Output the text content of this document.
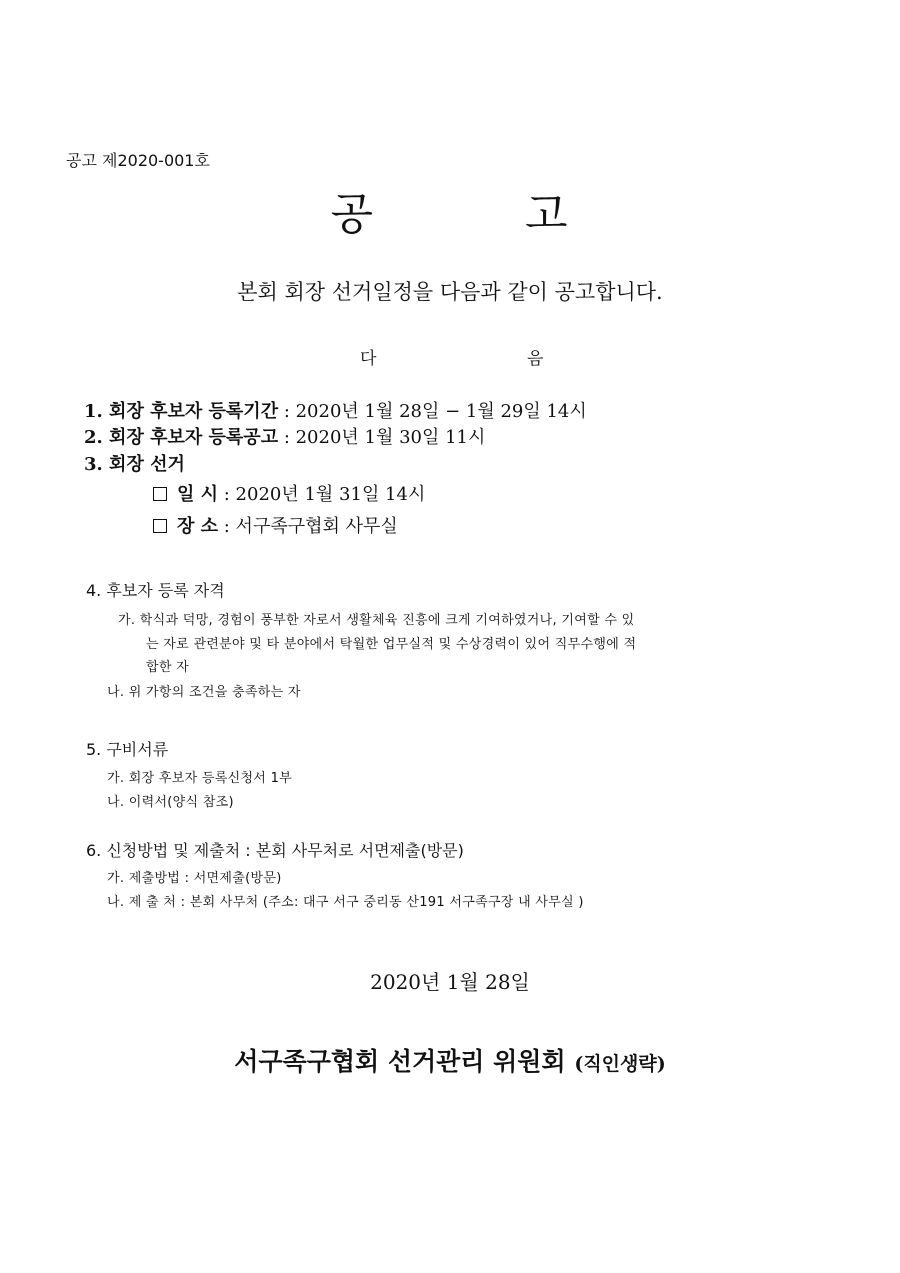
공고 제2020-001호
공	고
본회 회장 선거일정을 다음과 같이 공고합니다.
다	음
1. 회장 후보자 등록기간 : 2020년 1월 28일 − 1월 29일 14시
2. 회장 후보자 등록공고 : 2020년 1월 30일 11시
3. 회장 선거
일 시 : 2020년 1월 31일 14시
장 소 : 서구족구협회 사무실
4. 후보자 등록 자격
가. 학식과 덕망, 경험이 풍부한 자로서 생활체육 진흥에 크게 기여하였거나, 기여할 수 있
는 자로 관련분야 및 타 분야에서 탁월한 업무실적 및 수상경력이 있어 직무수행에 적
합한 자
나. 위 가항의 조건을 충족하는 자
5. 구비서류
가. 회장 후보자 등록신청서 1부
나. 이력서(양식 참조)
6. 신청방법 및 제출처 : 본회 사무처로 서면제출(방문)
가. 제출방법 : 서면제출(방문)
나. 제 출 처 : 본회 사무처 (주소: 대구 서구 중리동 산191 서구족구장 내 사무실 )
2020년 1월 28일
서구족구협회 선거관리 위원회 (직인생략)
